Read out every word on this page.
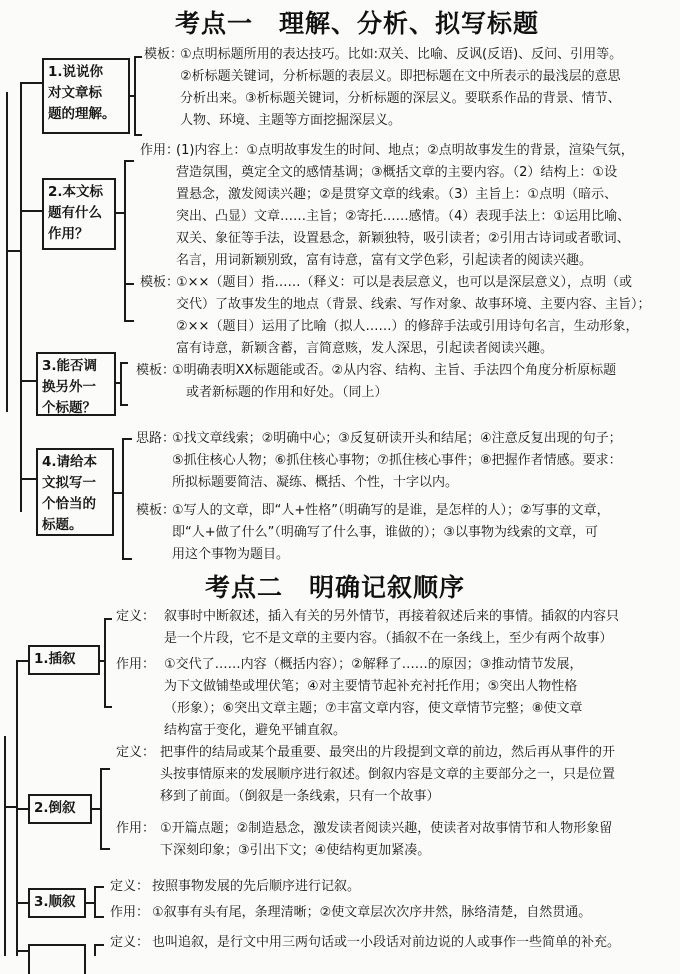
考点一　理解、分析、拟写标题
1.说说你
对文章标
题的理解。
模板：
①点明标题所用的表达技巧。比如:双关、比喻、反讽(反语)、反问、引用等。
②析标题关键词，分析标题的表层义。即把标题在文中所表示的最浅层的意思
分析出来。③析标题关键词，分析标题的深层义。要联系作品的背景、情节、
人物、环境、主题等方面挖掘深层义。
2.本文标
题有什么
作用？
作用：
(1)内容上：①点明故事发生的时间、地点；②点明故事发生的背景，渲染气氛，
营造氛围，奠定全文的感情基调；③概括文章的主要内容。（2）结构上：①设
置悬念，激发阅读兴趣；②是贯穿文章的线索。（3）主旨上：①点明（暗示、
突出、凸显）文章……主旨；②寄托……感情。（4）表现手法上：①运用比喻、
双关、象征等手法，设置悬念，新颖独特，吸引读者；②引用古诗词或者歌词、
名言，用词新颖别致，富有诗意，富有文学色彩，引起读者的阅读兴趣。
模板：
①××（题目）指……（释义：可以是表层意义，也可以是深层意义），点明（或
交代）了故事发生的地点（背景、线索、写作对象、故事环境、主要内容、主旨）；
②××（题目）运用了比喻（拟人……）的修辞手法或引用诗句名言，生动形象，
富有诗意，新颖含蓄，言简意赅，发人深思，引起读者阅读兴趣。
3.能否调
换另外一
个标题？
模板：
①明确表明XX标题能或否。②从内容、结构、主旨、手法四个角度分析原标题
或者新标题的作用和好处。（同上）
4.请给本
文拟写一
个恰当的
标题。
思路：
①找文章线索；②明确中心；③反复研读开头和结尾；④注意反复出现的句子；
⑤抓住核心人物；⑥抓住核心事物；⑦抓住核心事件；⑧把握作者情感。要求：
所拟标题要简洁、凝练、概括、个性，十字以内。
模板：
①写人的文章，即“人+性格”（明确写的是谁，是怎样的人）；②写事的文章，
即“人+做了什么”（明确写了什么事，谁做的）；③以事物为线索的文章，可
用这个事物为题目。
考点二　明确记叙顺序
1.插叙
定义： 叙事时中断叙述，插入有关的另外情节，再接着叙述后来的事情。插叙的内容只
是一个片段，它不是文章的主要内容。（插叙不在一条线上，至少有两个故事）
作用： ①交代了……内容（概括内容）；②解释了……的原因；③推动情节发展，
为下文做铺垫或埋伏笔；④对主要情节起补充衬托作用；⑤突出人物性格
（形象）；⑥突出文章主题；⑦丰富文章内容，使文章情节完整；⑧使文章
结构富于变化，避免平铺直叙。
2.倒叙
定义： 把事件的结局或某个最重要、最突出的片段提到文章的前边，然后再从事件的开
头按事情原来的发展顺序进行叙述。倒叙内容是文章的主要部分之一，只是位置
移到了前面。（倒叙是一条线索，只有一个故事）
作用： ①开篇点题；②制造悬念，激发读者阅读兴趣，使读者对故事情节和人物形象留
下深刻印象；③引出下文；④使结构更加紧凑。
3.顺叙
定义： 按照事物发展的先后顺序进行记叙。
作用： ①叙事有头有尾，条理清晰；②使文章层次次序井然，脉络清楚，自然贯通。
定义： 也叫追叙，是行文中用三两句话或一小段话对前边说的人或事作一些简单的补充。
